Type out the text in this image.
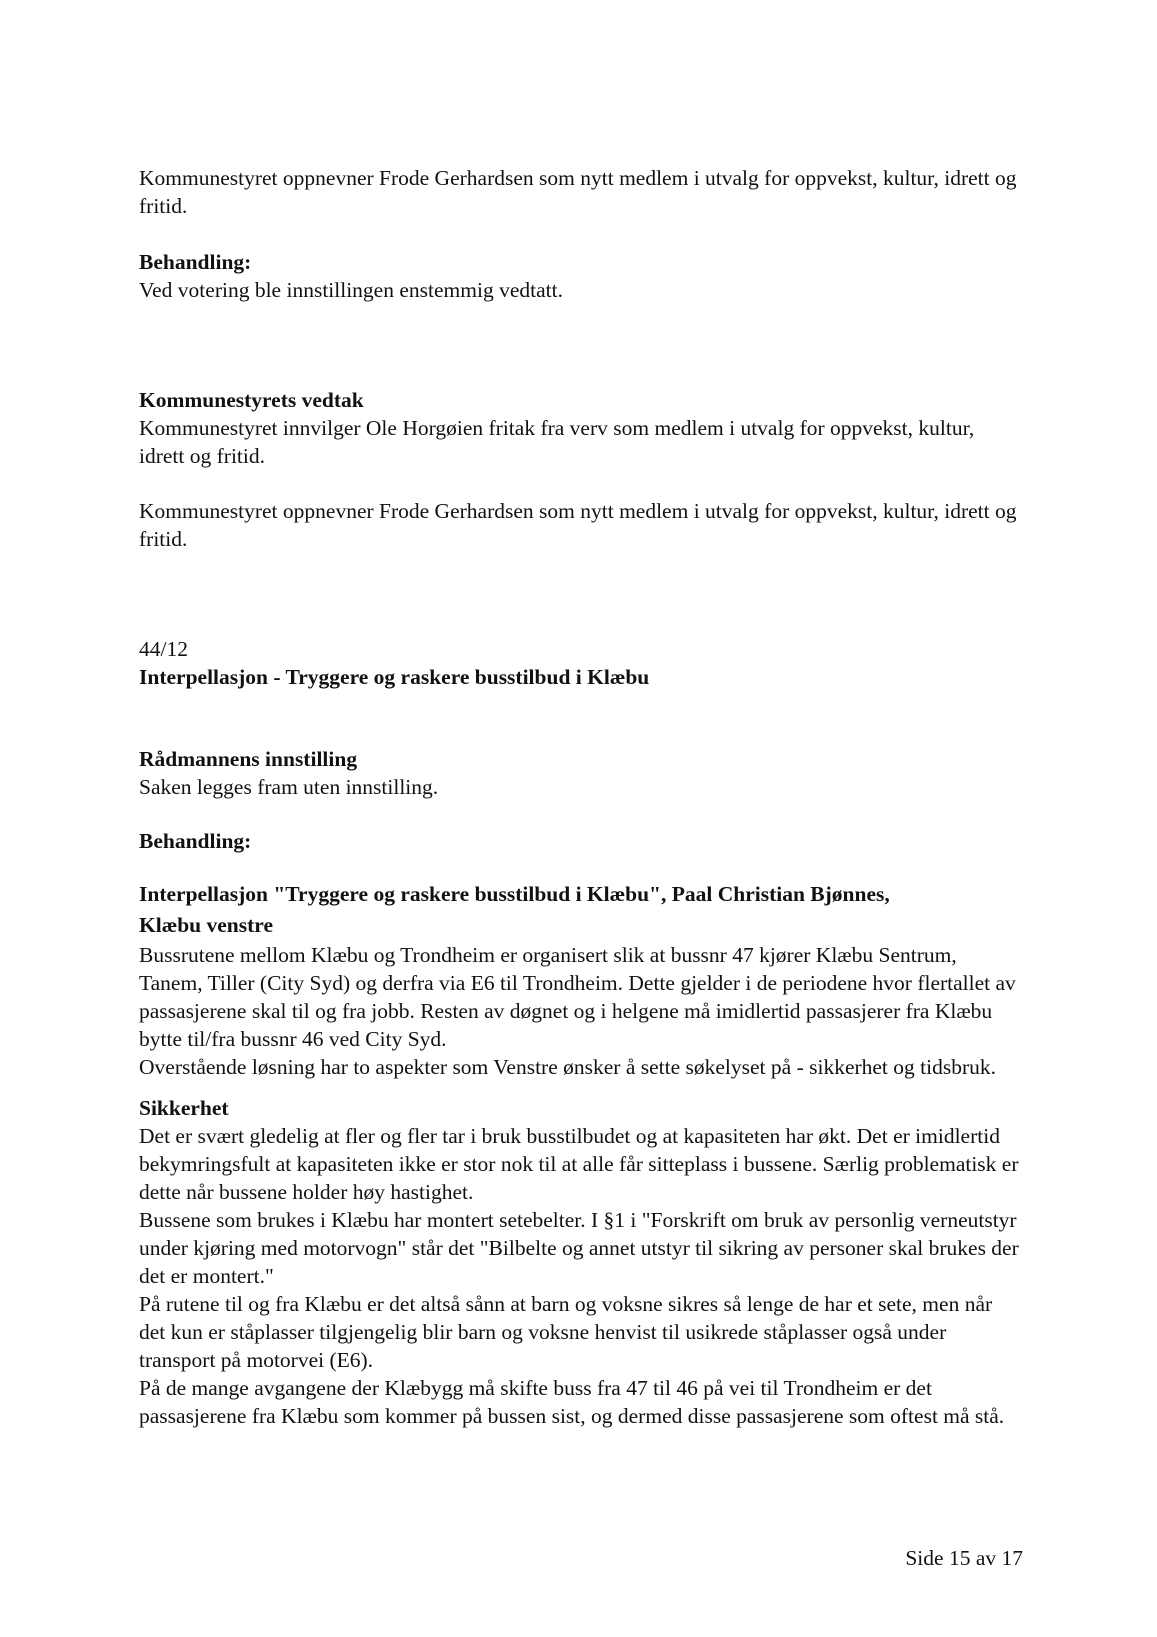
Kommunestyret oppnevner Frode Gerhardsen som nytt medlem i utvalg for oppvekst, kultur, idrett og fritid.

Behandling:

Ved votering ble innstillingen enstemmig vedtatt.

Kommunestyrets vedtak

Kommunestyret innvilger Ole Horgøien fritak fra verv som medlem i utvalg for oppvekst, kultur, idrett og fritid.

Kommunestyret oppnevner Frode Gerhardsen som nytt medlem i utvalg for oppvekst, kultur, idrett og fritid.

44/12

Interpellasjon - Tryggere og raskere busstilbud i Klæbu

Rådmannens innstilling

Saken legges fram uten innstilling.

Behandling:

Interpellasjon "Tryggere og raskere busstilbud i Klæbu", Paal Christian Bjønnes,

Klæbu venstre

Bussrutene mellom Klæbu og Trondheim er organisert slik at bussnr 47 kjører Klæbu Sentrum, Tanem, Tiller (City Syd) og derfra via E6 til Trondheim. Dette gjelder i de periodene hvor flertallet av passasjerene skal til og fra jobb. Resten av døgnet og i helgene må imidlertid passasjerer fra Klæbu bytte til/fra bussnr 46 ved City Syd.

Overstående løsning har to aspekter som Venstre ønsker å sette søkelyset på - sikkerhet og tidsbruk.

Sikkerhet

Det er svært gledelig at fler og fler tar i bruk busstilbudet og at kapasiteten har økt. Det er imidlertid bekymringsfult at kapasiteten ikke er stor nok til at alle får sitteplass i bussene. Særlig problematisk er dette når bussene holder høy hastighet.

Bussene som brukes i Klæbu har montert setebelter. I §1 i "Forskrift om bruk av personlig verneutstyr under kjøring med motorvogn" står det "Bilbelte og annet utstyr til sikring av personer skal brukes der det er montert."

På rutene til og fra Klæbu er det altså sånn at barn og voksne sikres så lenge de har et sete, men når det kun er ståplasser tilgjengelig blir barn og voksne henvist til usikrede ståplasser også under transport på motorvei (E6).

På de mange avgangene der Klæbygg må skifte buss fra 47 til 46 på vei til Trondheim er det passasjerene fra Klæbu som kommer på bussen sist, og dermed disse passasjerene som oftest må stå.

Side 15 av 17
